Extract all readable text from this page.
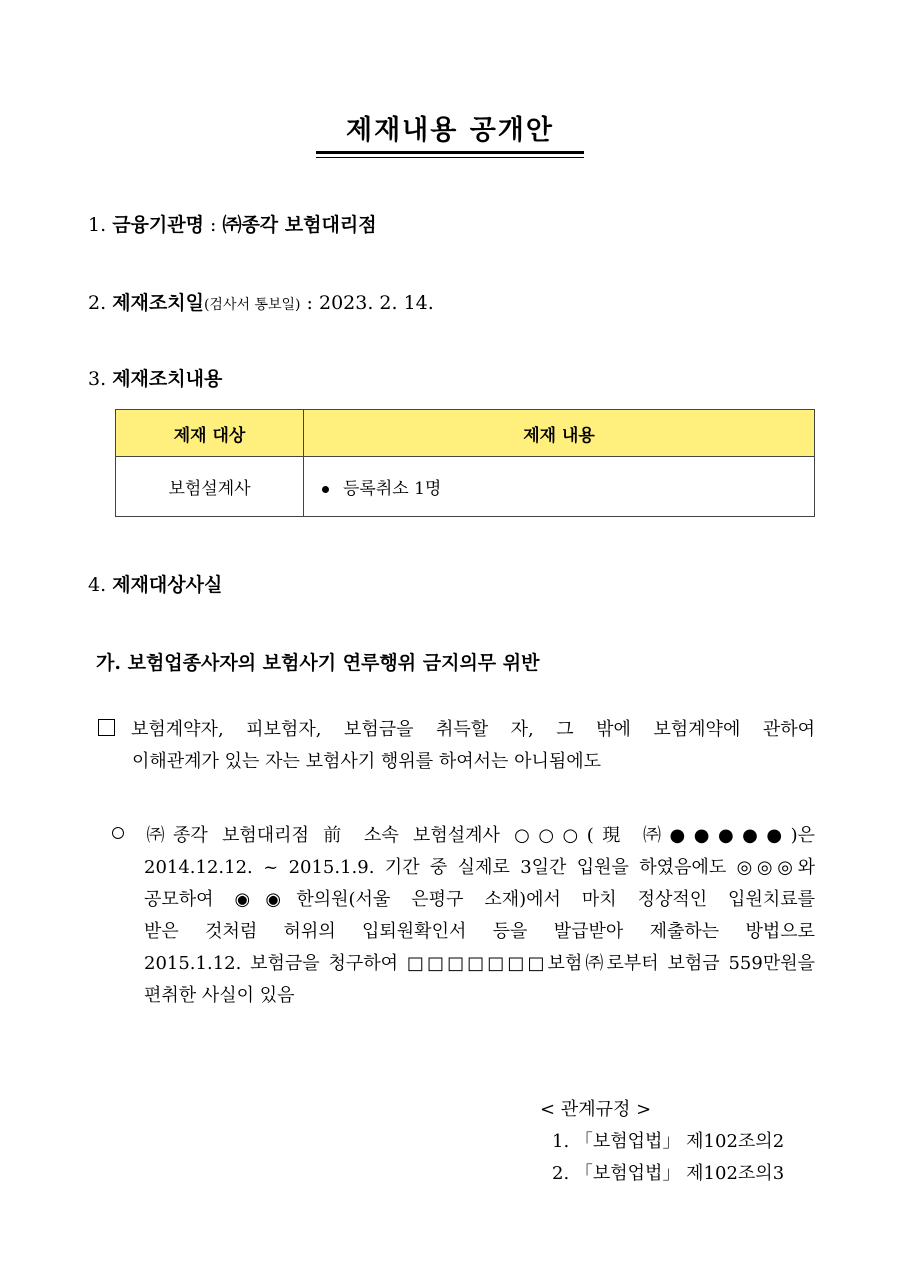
제재내용 공개안
1. 금융기관명 : ㈜종각 보험대리점
2. 제재조치일(검사서 통보일) : 2023. 2. 14.
3. 제재조치내용
제재 대상	제재 내용
보험설계사	등록취소 1명
4. 제재대상사실
가. 보험업종사자의 보험사기 연루행위 금지의무 위반
보험계약자, 피보험자, 보험금을 취득할 자, 그 밖에 보험계약에 관하여
이해관계가 있는 자는 보험사기 행위를 하여서는 아니됨에도
㈜종각 보험대리점 前 소속 보험설계사 ○○○(現 ㈜●●●●●)은
2014.12.12. ~ 2015.1.9. 기간 중 실제로 3일간 입원을 하였음에도 ◎◎◎와
공모하여 ◉◉한의원(서울 은평구 소재)에서 마치 정상적인 입원치료를
받은 것처럼 허위의 입퇴원확인서 등을 발급받아 제출하는 방법으로
2015.1.12. 보험금을 청구하여 □□□□□□□보험㈜로부터 보험금 559만원을
편취한 사실이 있음
< 관계규정 >
1. 「보험업법」 제102조의2
2. 「보험업법」 제102조의3
